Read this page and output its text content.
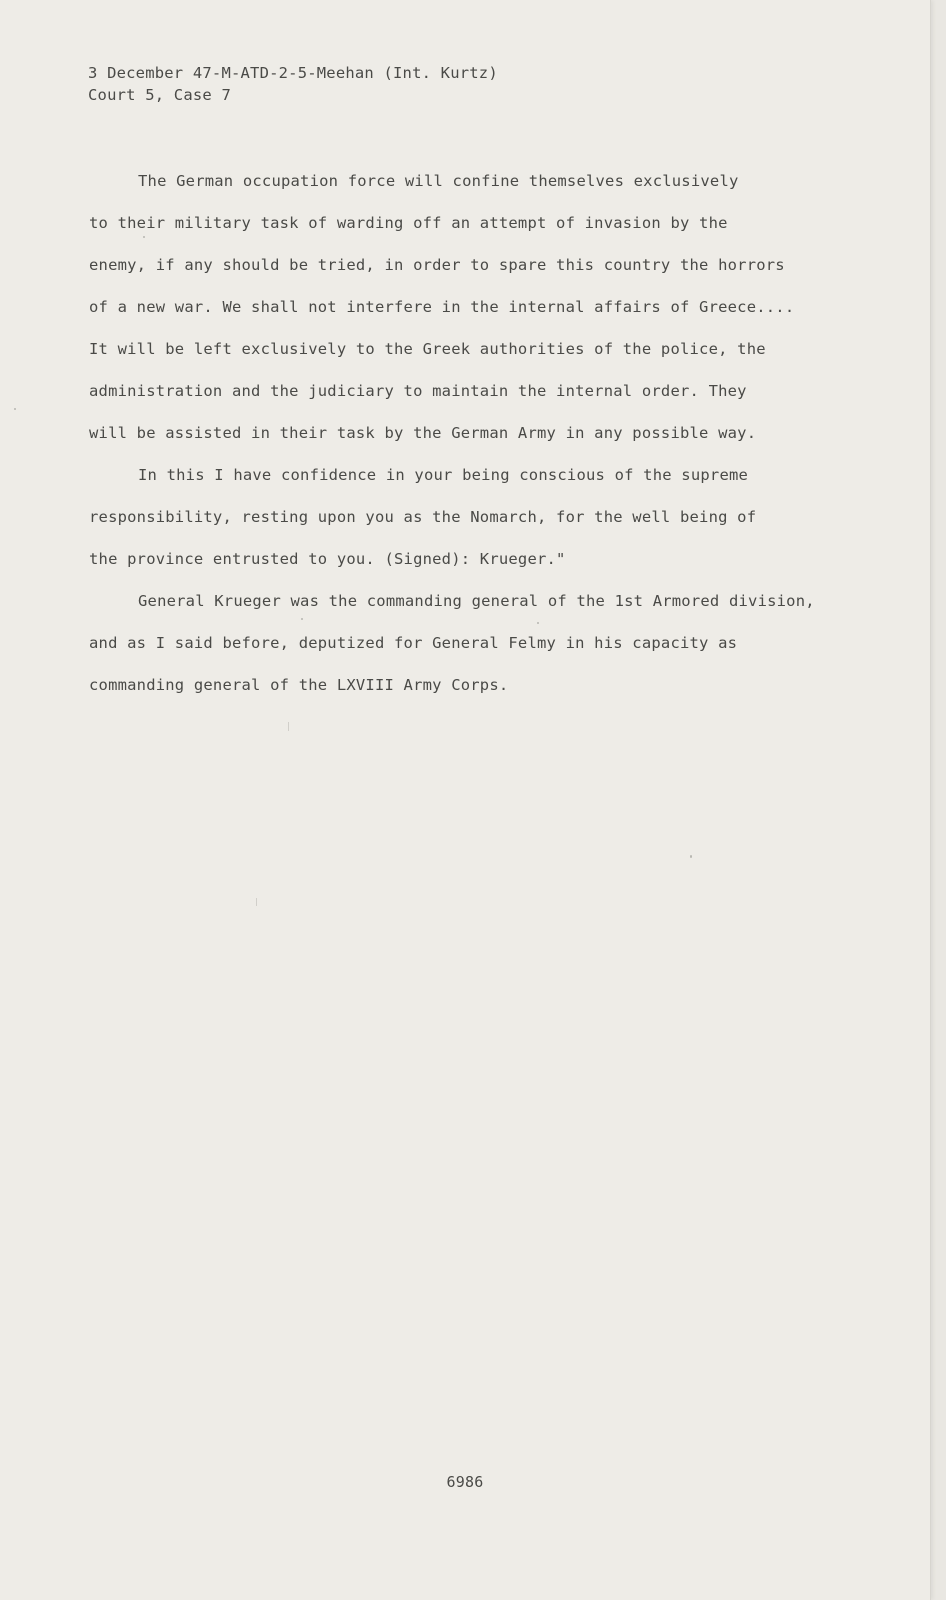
3 December 47-M-ATD-2-5-Meehan (Int. Kurtz)
Court 5, Case 7
The German occupation force will confine themselves exclusively
to their military task of warding off an attempt of invasion by the
enemy, if any should be tried, in order to spare this country the horrors
of a new war. We shall not interfere in the internal affairs of Greece....
It will be left exclusively to the Greek authorities of the police, the
administration and the judiciary to maintain the internal order. They
will be assisted in their task by the German Army in any possible way.
In this I have confidence in your being conscious of the supreme
responsibility, resting upon you as the Nomarch, for the well being of
the province entrusted to you. (Signed): Krueger."
General Krueger was the commanding general of the 1st Armored division,
and as I said before, deputized for General Felmy in his capacity as
commanding general of the LXVIII Army Corps.
6986
